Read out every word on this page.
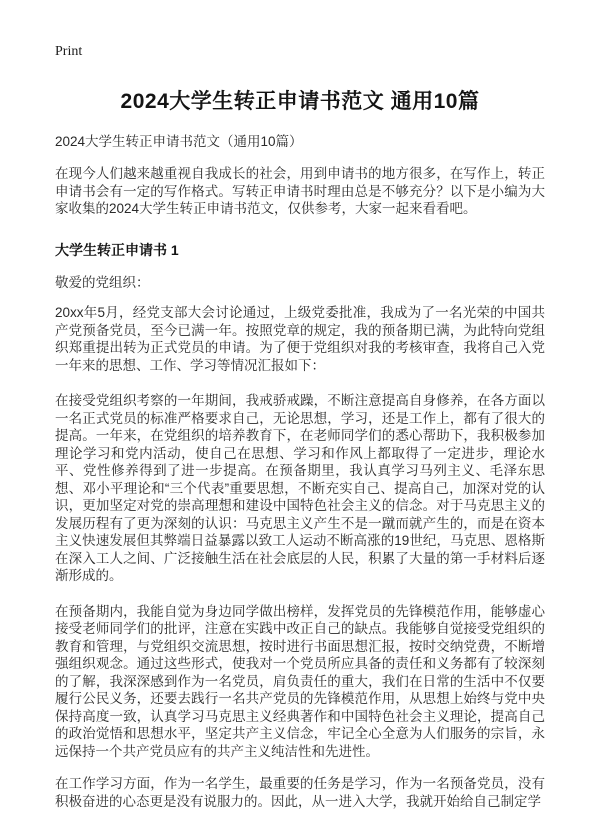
Print
2024大学生转正申请书范文 通用10篇
2024大学生转正申请书范文（通用10篇）

在现今人们越来越重视自我成长的社会，用到申请书的地方很多，在写作上，转正申请书会有一定的写作格式。写转正申请书时理由总是不够充分？以下是小编为大家收集的2024大学生转正申请书范文，仅供参考，大家一起来看看吧。

大学生转正申请书 1
敬爱的党组织：

20xx年5月，经党支部大会讨论通过，上级党委批准，我成为了一名光荣的中国共产党预备党员，至今已满一年。按照党章的规定，我的预备期已满，为此特向党组织郑重提出转为正式党员的申请。为了便于党组织对我的考核审查，我将自己入党一年来的思想、工作、学习等情况汇报如下：

在接受党组织考察的一年期间，我戒骄戒躁，不断注意提高自身修养，在各方面以一名正式党员的标准严格要求自己，无论思想，学习，还是工作上，都有了很大的提高。一年来，在党组织的培养教育下，在老师同学们的悉心帮助下，我积极参加理论学习和党内活动，使自己在思想、学习和作风上都取得了一定进步，理论水平、党性修养得到了进一步提高。在预备期里，我认真学习马列主义、毛泽东思想、邓小平理论和“三个代表”重要思想，不断充实自己、提高自己，加深对党的认识，更加坚定对党的崇高理想和建设中国特色社会主义的信念。对于马克思主义的发展历程有了更为深刻的认识：马克思主义产生不是一蹴而就产生的，而是在资本主义快速发展但其弊端日益暴露以致工人运动不断高涨的19世纪，马克思、恩格斯在深入工人之间、广泛接触生活在社会底层的人民，积累了大量的第一手材料后逐渐形成的。

在预备期内，我能自觉为身边同学做出榜样，发挥党员的先锋模范作用，能够虚心接受老师同学们的批评，注意在实践中改正自己的缺点。我能够自觉接受党组织的教育和管理，与党组织交流思想，按时进行书面思想汇报，按时交纳党费，不断增强组织观念。通过这些形式，使我对一个党员所应具备的责任和义务都有了较深刻的了解，我深深感到作为一名党员，肩负责任的重大，我们在日常的生活中不仅要履行公民义务，还要去践行一名共产党员的先锋模范作用，从思想上始终与党中央保持高度一致，认真学习马克思主义经典著作和中国特色社会主义理论，提高自己的政治觉悟和思想水平，坚定共产主义信念，牢记全心全意为人们服务的宗旨，永远保持一个共产党员应有的共产主义纯洁性和先进性。

在工作学习方面，作为一名学生，最重要的任务是学习，作为一名预备党员，没有积极奋进的心态更是没有说服力的。因此，从一进入大学，我就开始给自己制定学
